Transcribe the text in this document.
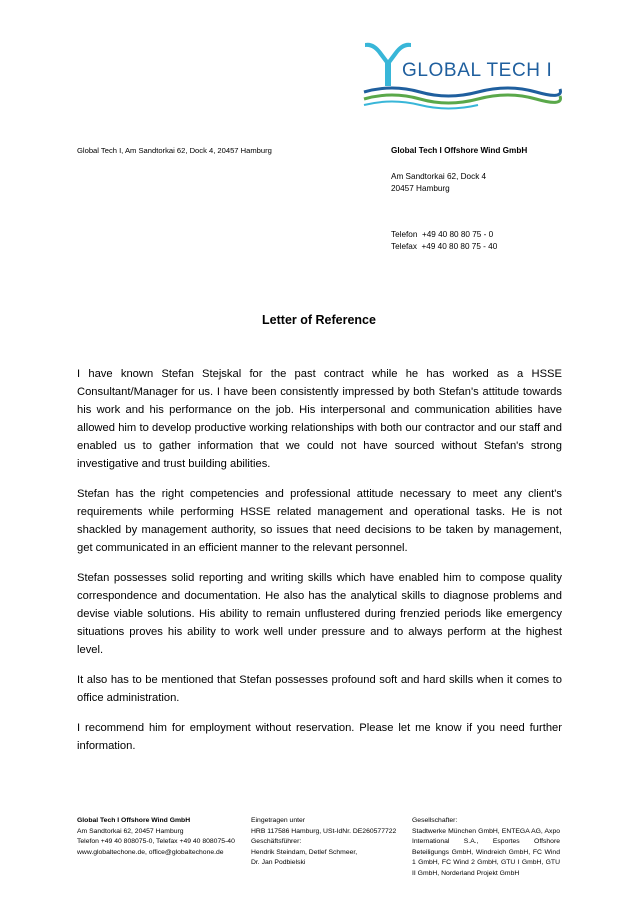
GLOBAL TECH I
Global Tech I, Am Sandtorkai 62, Dock 4, 20457 Hamburg	Global Tech I Offshore Wind GmbH
Am Sandtorkai 62, Dock 4
20457 Hamburg
Telefon  +49 40 80 80 75 - 0
Telefax  +49 40 80 80 75 - 40
Letter of Reference

I have known Stefan Stejskal for the past contract while he has worked as a HSSE Consultant/Manager for us. I have been consistently impressed by both Stefan's attitude towards his work and his performance on the job. His interpersonal and communication abilities have allowed him to develop productive working relationships with both our contractor and our staff and enabled us to gather information that we could not have sourced without Stefan's strong investigative and trust building abilities.

Stefan has the right competencies and professional attitude necessary to meet any client's requirements while performing HSSE related management and operational tasks. He is not shackled by management authority, so issues that need decisions to be taken by management, get communicated in an efficient manner to the relevant personnel.

Stefan possesses solid reporting and writing skills which have enabled him to compose quality correspondence and documentation. He also has the analytical skills to diagnose problems and devise viable solutions. His ability to remain unflustered during frenzied periods like emergency situations proves his ability to work well under pressure and to always perform at the highest level.

It also has to be mentioned that Stefan possesses profound soft and hard skills when it comes to office administration.

I recommend him for employment without reservation. Please let me know if you need further information.

Global Tech I Offshore Wind GmbH
Am Sandtorkai 62, 20457 Hamburg
Telefon +49 40 808075-0, Telefax +49 40 808075-40
www.globaltechone.de, office@globaltechone.de
Eingetragen unter
HRB 117586 Hamburg, USt-IdNr. DE260577722
Geschäftsführer:
Hendrik Steindam, Detlef Schmeer,
Dr. Jan Podbielski
Gesellschafter:
Stadtwerke München GmbH, ENTEGA AG, Axpo International S.A., Esportes Offshore Beteiligungs GmbH, Windreich GmbH, FC Wind 1 GmbH, FC Wind 2 GmbH, GTU I GmbH, GTU II GmbH, Norderland Projekt GmbH
